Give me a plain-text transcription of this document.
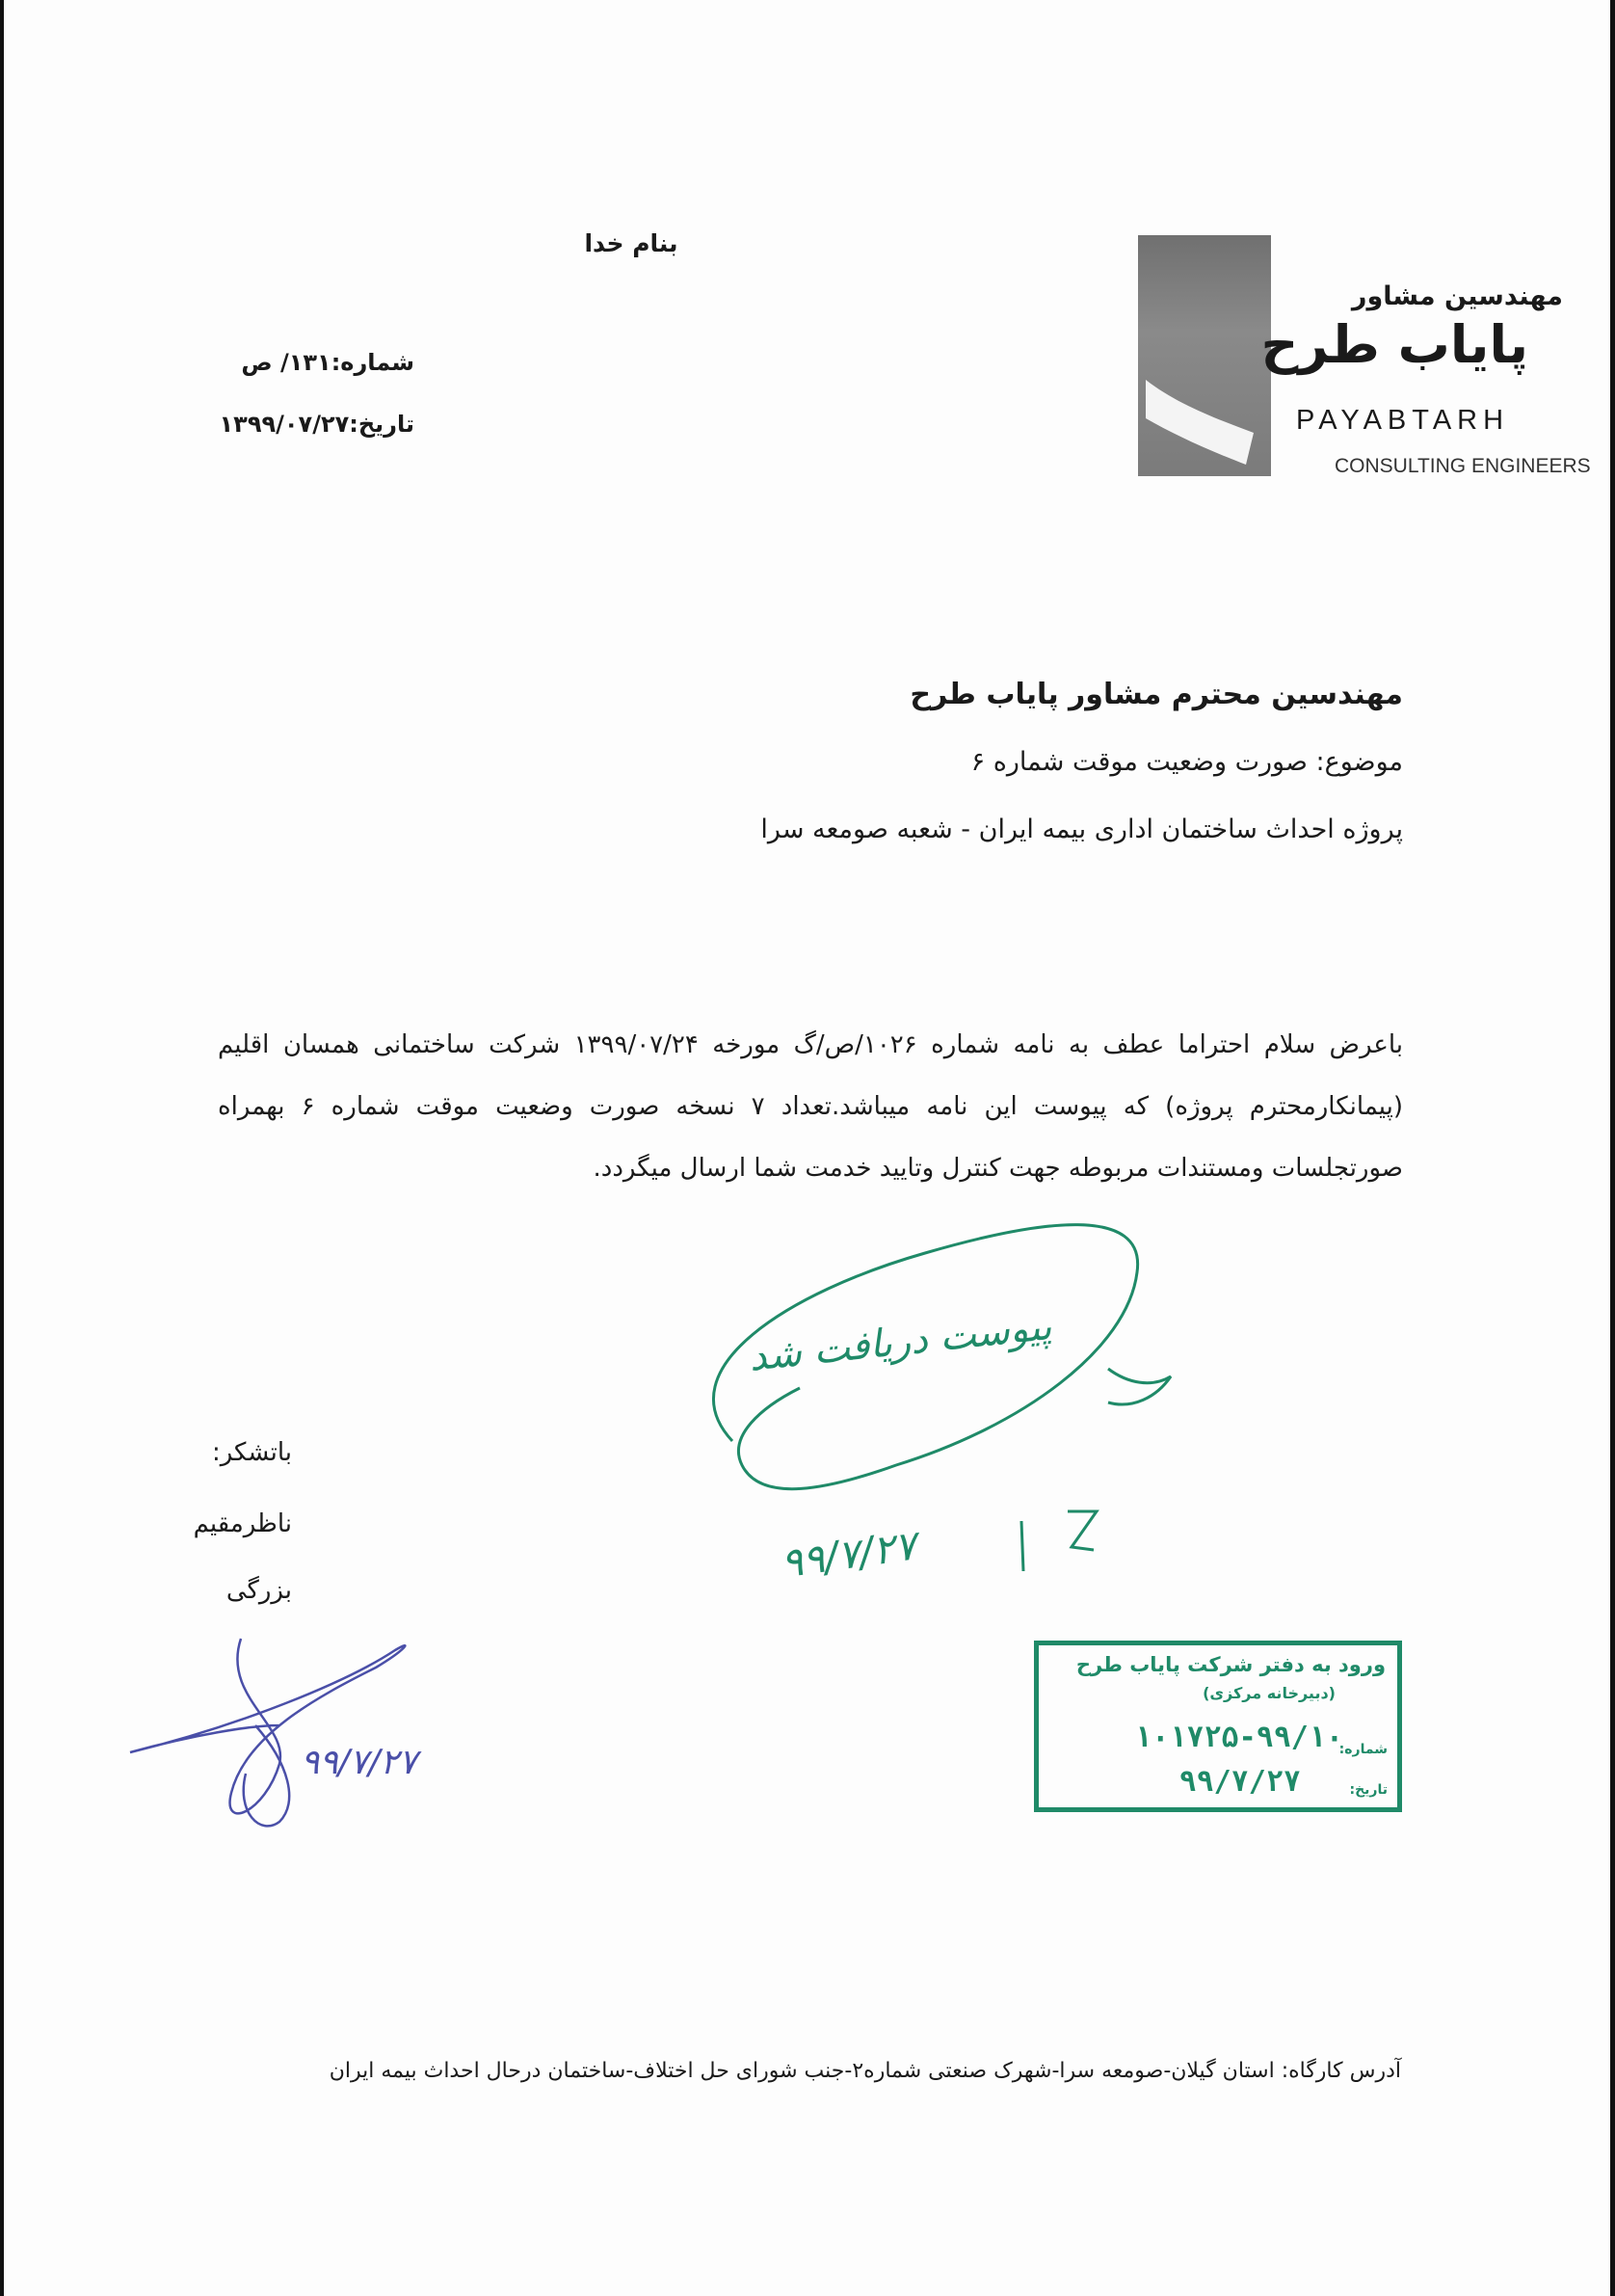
بنام خدا
شماره:۱۳۱/ ص
تاریخ:۱۳۹۹/۰۷/۲۷
مهندسین مشاور
پایاب طرح
PAYABTARH
CONSULTING ENGINEERS
مهندسین محترم مشاور پایاب طرح
موضوع: صورت وضعیت موقت شماره ۶
پروژه احداث ساختمان اداری بیمه ایران - شعبه صومعه سرا
باعرض سلام احتراما عطف به نامه شماره ۱۰۲۶/ص/گ مورخه ۱۳۹۹/۰۷/۲۴ شرکت ساختمانی همسان اقلیم (پیمانکارمحترم پروژه) که پیوست این نامه میباشد.تعداد ۷ نسخه صورت وضعیت موقت شماره ۶ بهمراه صورتجلسات ومستندات مربوطه جهت کنترل وتایید خدمت شما ارسال میگردد.
باتشکر:
ناظرمقیم
بزرگی
پیوست دریافت شد
۹۹/۷/۲۷
۹۹/۷/۲۷
ورود به دفتر شرکت پایاب طرح
(دبیرخانه مرکزی)
شماره:
۱۰۱۷۲۵-۹۹/۱۰
تاریخ:
۹۹/۷/۲۷
آدرس کارگاه: استان گیلان-صومعه سرا-شهرک صنعتی شماره۲-جنب شورای حل اختلاف-ساختمان درحال احداث بیمه ایران
